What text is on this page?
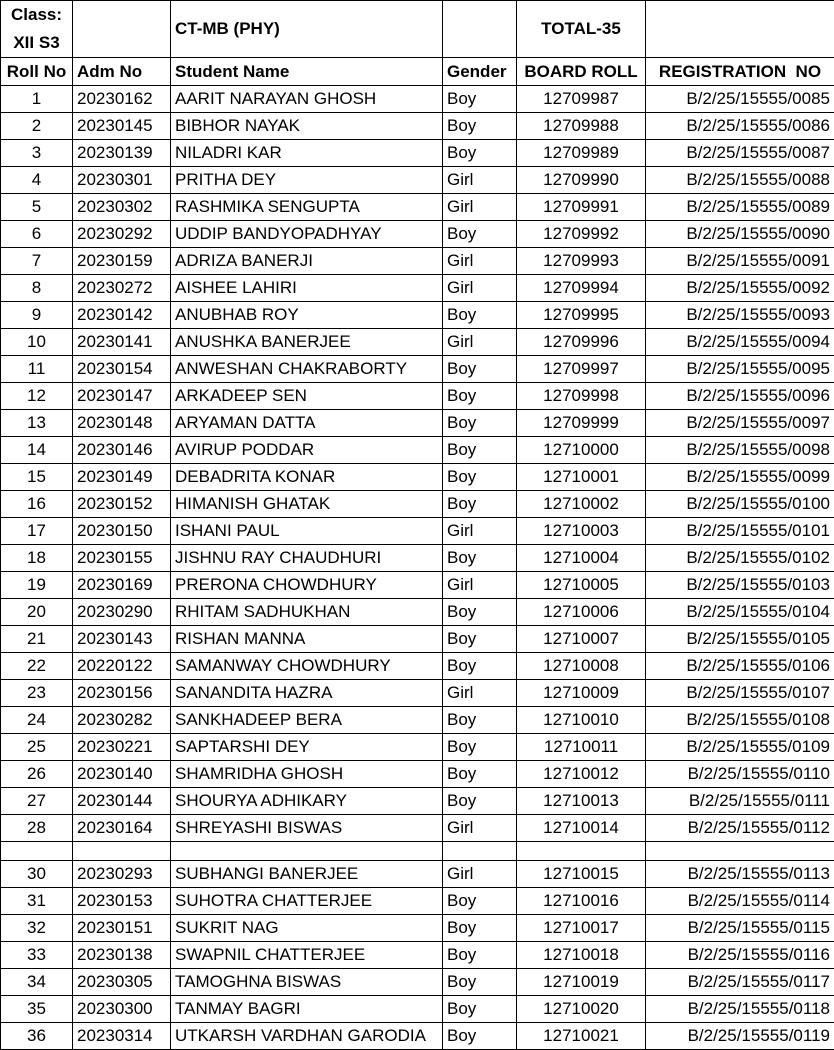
Class:
XII S3		CT-MB (PHY)		TOTAL-35	

Roll No	Adm No	Student Name	Gender	BOARD ROLL	REGISTRATION  NO
1	20230162	AARIT NARAYAN GHOSH	Boy	12709987	B/2/25/15555/0085
2	20230145	BIBHOR NAYAK	Boy	12709988	B/2/25/15555/0086
3	20230139	NILADRI KAR	Boy	12709989	B/2/25/15555/0087
4	20230301	PRITHA DEY	Girl	12709990	B/2/25/15555/0088
5	20230302	RASHMIKA SENGUPTA	Girl	12709991	B/2/25/15555/0089
6	20230292	UDDIP BANDYOPADHYAY	Boy	12709992	B/2/25/15555/0090
7	20230159	ADRIZA BANERJI	Girl	12709993	B/2/25/15555/0091
8	20230272	AISHEE LAHIRI	Girl	12709994	B/2/25/15555/0092
9	20230142	ANUBHAB ROY	Boy	12709995	B/2/25/15555/0093
10	20230141	ANUSHKA BANERJEE	Girl	12709996	B/2/25/15555/0094
11	20230154	ANWESHAN CHAKRABORTY	Boy	12709997	B/2/25/15555/0095
12	20230147	ARKADEEP SEN	Boy	12709998	B/2/25/15555/0096
13	20230148	ARYAMAN DATTA	Boy	12709999	B/2/25/15555/0097
14	20230146	AVIRUP PODDAR	Boy	12710000	B/2/25/15555/0098
15	20230149	DEBADRITA KONAR	Boy	12710001	B/2/25/15555/0099
16	20230152	HIMANISH GHATAK	Boy	12710002	B/2/25/15555/0100
17	20230150	ISHANI PAUL	Girl	12710003	B/2/25/15555/0101
18	20230155	JISHNU RAY CHAUDHURI	Boy	12710004	B/2/25/15555/0102
19	20230169	PRERONA CHOWDHURY	Girl	12710005	B/2/25/15555/0103
20	20230290	RHITAM SADHUKHAN	Boy	12710006	B/2/25/15555/0104
21	20230143	RISHAN MANNA	Boy	12710007	B/2/25/15555/0105
22	20220122	SAMANWAY CHOWDHURY	Boy	12710008	B/2/25/15555/0106
23	20230156	SANANDITA HAZRA	Girl	12710009	B/2/25/15555/0107
24	20230282	SANKHADEEP BERA	Boy	12710010	B/2/25/15555/0108
25	20230221	SAPTARSHI DEY	Boy	12710011	B/2/25/15555/0109
26	20230140	SHAMRIDHA GHOSH	Boy	12710012	B/2/25/15555/0110
27	20230144	SHOURYA ADHIKARY	Boy	12710013	B/2/25/15555/0111
28	20230164	SHREYASHI BISWAS	Girl	12710014	B/2/25/15555/0112

30	20230293	SUBHANGI BANERJEE	Girl	12710015	B/2/25/15555/0113
31	20230153	SUHOTRA CHATTERJEE	Boy	12710016	B/2/25/15555/0114
32	20230151	SUKRIT NAG	Boy	12710017	B/2/25/15555/0115
33	20230138	SWAPNIL CHATTERJEE	Boy	12710018	B/2/25/15555/0116
34	20230305	TAMOGHNA BISWAS	Boy	12710019	B/2/25/15555/0117
35	20230300	TANMAY BAGRI	Boy	12710020	B/2/25/15555/0118
36	20230314	UTKARSH VARDHAN GARODIA	Boy	12710021	B/2/25/15555/0119
